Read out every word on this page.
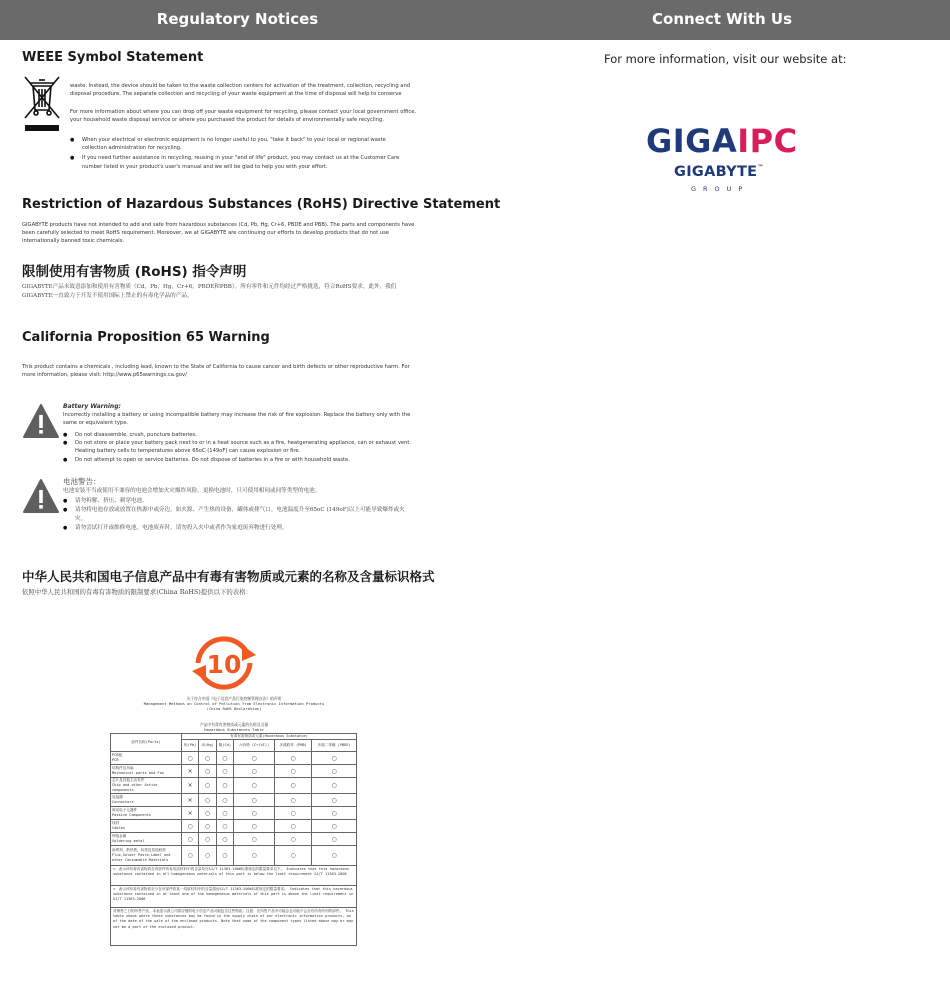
Regulatory Notices	Connect With Us
WEEE Symbol Statement
waste. Instead, the device should be taken to the waste collection centers for activation of the treatment, collection, recycling and disposal procedure. The separate collection and recycling of your waste equipment at the time of disposal will help to conserve
For more information about where you can drop off your waste equipment for recycling, please contact your local government office, your household waste disposal service or where you purchased the product for details of environmentally safe recycling.
● When your electrical or electronic equipment is no longer useful to you, "take it back" to your local or regional waste collection administration for recycling.
● If you need further assistance in recycling, reusing in your "end of life" product, you may contact us at the Customer Care number listed in your product's user's manual and we will be glad to help you with your effort.
Restriction of Hazardous Substances (RoHS) Directive Statement
GIGABYTE products have not intended to add and safe from hazardous substances (Cd, Pb, Hg, Cr+6, PBDE and PBB). The parts and components have been carefully selected to meet RoHS requirement. Moreover, we at GIGABYTE are continuing our efforts to develop products that do not use internationally banned toxic chemicals.
限制使用有害物质 (RoHS) 指令声明
GIGABYTE产品未故意添加和使用有害物质（Cd，Pb，Hg，Cr+6，PBDE和PBB）。所有零件和元件均经过严格挑选，符合RoHS要求。此外，我们GIGABYTE一直致力于开发不使用国际上禁止的有毒化学品的产品。
California Proposition 65 Warning
This product contains a chemicals , including lead, known to the State of California to cause cancer and birth defects or other reproductive harm. For more information, please visit: http://www.p65warnings.ca.gov/
Battery Warning:
Incorrectly installing a battery or using incompatible battery may increase the risk of fire explosion. Replace the battery only with the same or equivalent type.
● Do not disassemble, crush, puncture batteries.
● Do not store or place your battery pack next to or in a heat source such as a fire, heatgenerating appliance, can or exhaust vent. Heating battery cells to temperatures above 65oC (149oF) can cause explosion or fire.
● Do not attempt to open or service batteries. Do not dispose of batteries in a fire or with household waste.
电池警告：
电池安装不当或使用不兼容的电池会增加火灾爆炸风险。更换电池时，只可使用相同或同等类型的电池。
● 请勿拆解、挤压、刺穿电池。
● 请勿将电池存放或放置在热源中或旁边，如火源、产生热的设备，罐体或排气口。电池温度升至65oC (149oF)以上可能导致爆炸或火灾。
● 请勿尝试打开或维修电池。电池废弃时，请勿投入火中或者作为家庭废弃物进行处理。
中华人民共和国电子信息产品中有毒有害物质或元素的名称及含量标识格式
依照中华人民共和国的有毒有害物质的限制要求(China RoHS)提供以下的表格：
10
关于符合中国《电子信息产品污染控制管理办法》的声明
Management Methods on Control of Pollution from Electronic Information Products
(China RoHS Declaration)
产品中有毒有害物质或元素的名称及含量
Hazardous Substances Table
部件名称(Parts)	有毒有害物质或元素(Hazardous Substance)					
	铅(Pb)	汞(Hg)	镉(Cd)	六价铬 (Cr(VI))	多溴联苯 (PBB)	多溴二苯醚 (PBDE)

PCB板
PCB	○	○	○	○	○	○

结构件及风扇
Mechanical parts and Fan	×	○	○	○	○	○

芯片及其他主动零件
Chip and other Active components	×	○	○	○	○	○

连接器
Connectors	×	○	○	○	○	○

被动电子元器件
Passive Components	×	○	○	○	○	○

线材
Cables	○	○	○	○	○	○

焊接金属
Soldering metal	○	○	○	○	○	○

助焊剂，散热膏，标签及其他耗材
Flux,Solder Paste,Label and other Consumable Materials	○	○	○	○	○	○
○：表示该有毒有害物质在该部件所有均质材料中的含量均在SJ/T 11363-2006标准规定的限量要求以下。 Indicates that this hazardous substance contained in all homogeneous materials of this part is below the limit requirement SJ/T 11363-2006
×：表示该有毒有害物质至少在该部件的某一均质材料中的含量超出SJ/T 11363-2006标准规定的限量要求。 Indicates that this hazardous substance contained in at least one of the homogeneous materials of this part is above the limit requirement in SJ/T 11363-2006
对销售之日的所售产品，本表显示我公司供应链的电子信息产品可能包含这些物质。注意：在所售产品中可能会也可能不会含有所有所列的部件。 This table shows where these substances may be found in the supply chain of our electronic information products, as of the date of the sale of the enclosed products. Note that some of the component types listed above may or may not be a part of the enclosed product.
For more information, visit our website at:
GIGAIPC
GIGABYTE™
GROUP
